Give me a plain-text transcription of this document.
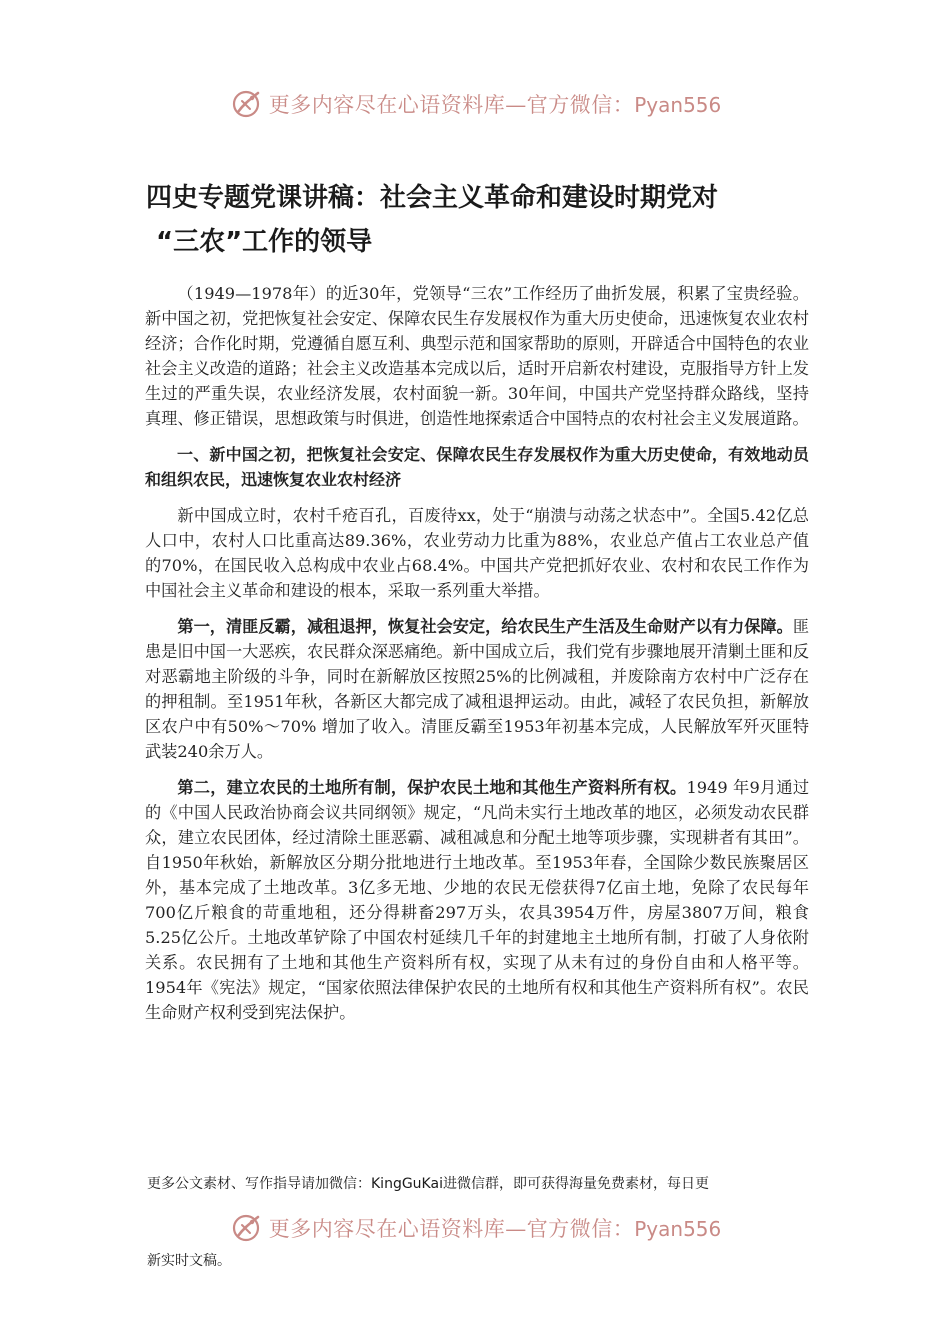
更多内容尽在心语资料库—官方微信：Pyan556
四史专题党课讲稿：社会主义革命和建设时期党对
“三农”工作的领导

（1949—1978年）的近30年，党领导“三农”工作经历了曲折发展，积累了宝贵经验。新中国之初，党把恢复社会安定、保障农民生存发展权作为重大历史使命，迅速恢复农业农村经济；合作化时期，党遵循自愿互利、典型示范和国家帮助的原则，开辟适合中国特色的农业社会主义改造的道路；社会主义改造基本完成以后，适时开启新农村建设，克服指导方针上发生过的严重失误，农业经济发展，农村面貌一新。30年间，中国共产党坚持群众路线，坚持真理、修正错误，思想政策与时俱进，创造性地探索适合中国特点的农村社会主义发展道路。

一、新中国之初，把恢复社会安定、保障农民生存发展权作为重大历史使命，有效地动员和组织农民，迅速恢复农业农村经济

新中国成立时，农村千疮百孔，百废待xx，处于“崩溃与动荡之状态中”。全国5.42亿总人口中，农村人口比重高达89.36%，农业劳动力比重为88%，农业总产值占工农业总产值的70%，在国民收入总构成中农业占68.4%。中国共产党把抓好农业、农村和农民工作作为中国社会主义革命和建设的根本，采取一系列重大举措。

第一，清匪反霸，减租退押，恢复社会安定，给农民生产生活及生命财产以有力保障。匪患是旧中国一大恶疾，农民群众深恶痛绝。新中国成立后，我们党有步骤地展开清剿土匪和反对恶霸地主阶级的斗争，同时在新解放区按照25%的比例减租，并废除南方农村中广泛存在的押租制。至1951年秋，各新区大都完成了减租退押运动。由此，减轻了农民负担，新解放区农户中有50%～70% 增加了收入。清匪反霸至1953年初基本完成，人民解放军歼灭匪特武装240余万人。

第二，建立农民的土地所有制，保护农民土地和其他生产资料所有权。1949 年9月通过的《中国人民政治协商会议共同纲领》规定，“凡尚未实行土地改革的地区，必须发动农民群众，建立农民团体，经过清除土匪恶霸、减租减息和分配土地等项步骤，实现耕者有其田”。自1950年秋始，新解放区分期分批地进行土地改革。至1953年春，全国除少数民族聚居区外，基本完成了土地改革。3亿多无地、少地的农民无偿获得7亿亩土地，免除了农民每年700亿斤粮食的苛重地租，还分得耕畜297万头，农具3954万件，房屋3807万间，粮食5.25亿公斤。土地改革铲除了中国农村延续几千年的封建地主土地所有制，打破了人身依附关系。农民拥有了土地和其他生产资料所有权，实现了从未有过的身份自由和人格平等。1954年《宪法》规定，“国家依照法律保护农民的土地所有权和其他生产资料所有权”。农民生命财产权利受到宪法保护。

更多公文素材、写作指导请加微信：KingGuKai进微信群，即可获得海量免费素材，每日更
更多内容尽在心语资料库—官方微信：Pyan556
新实时文稿。
